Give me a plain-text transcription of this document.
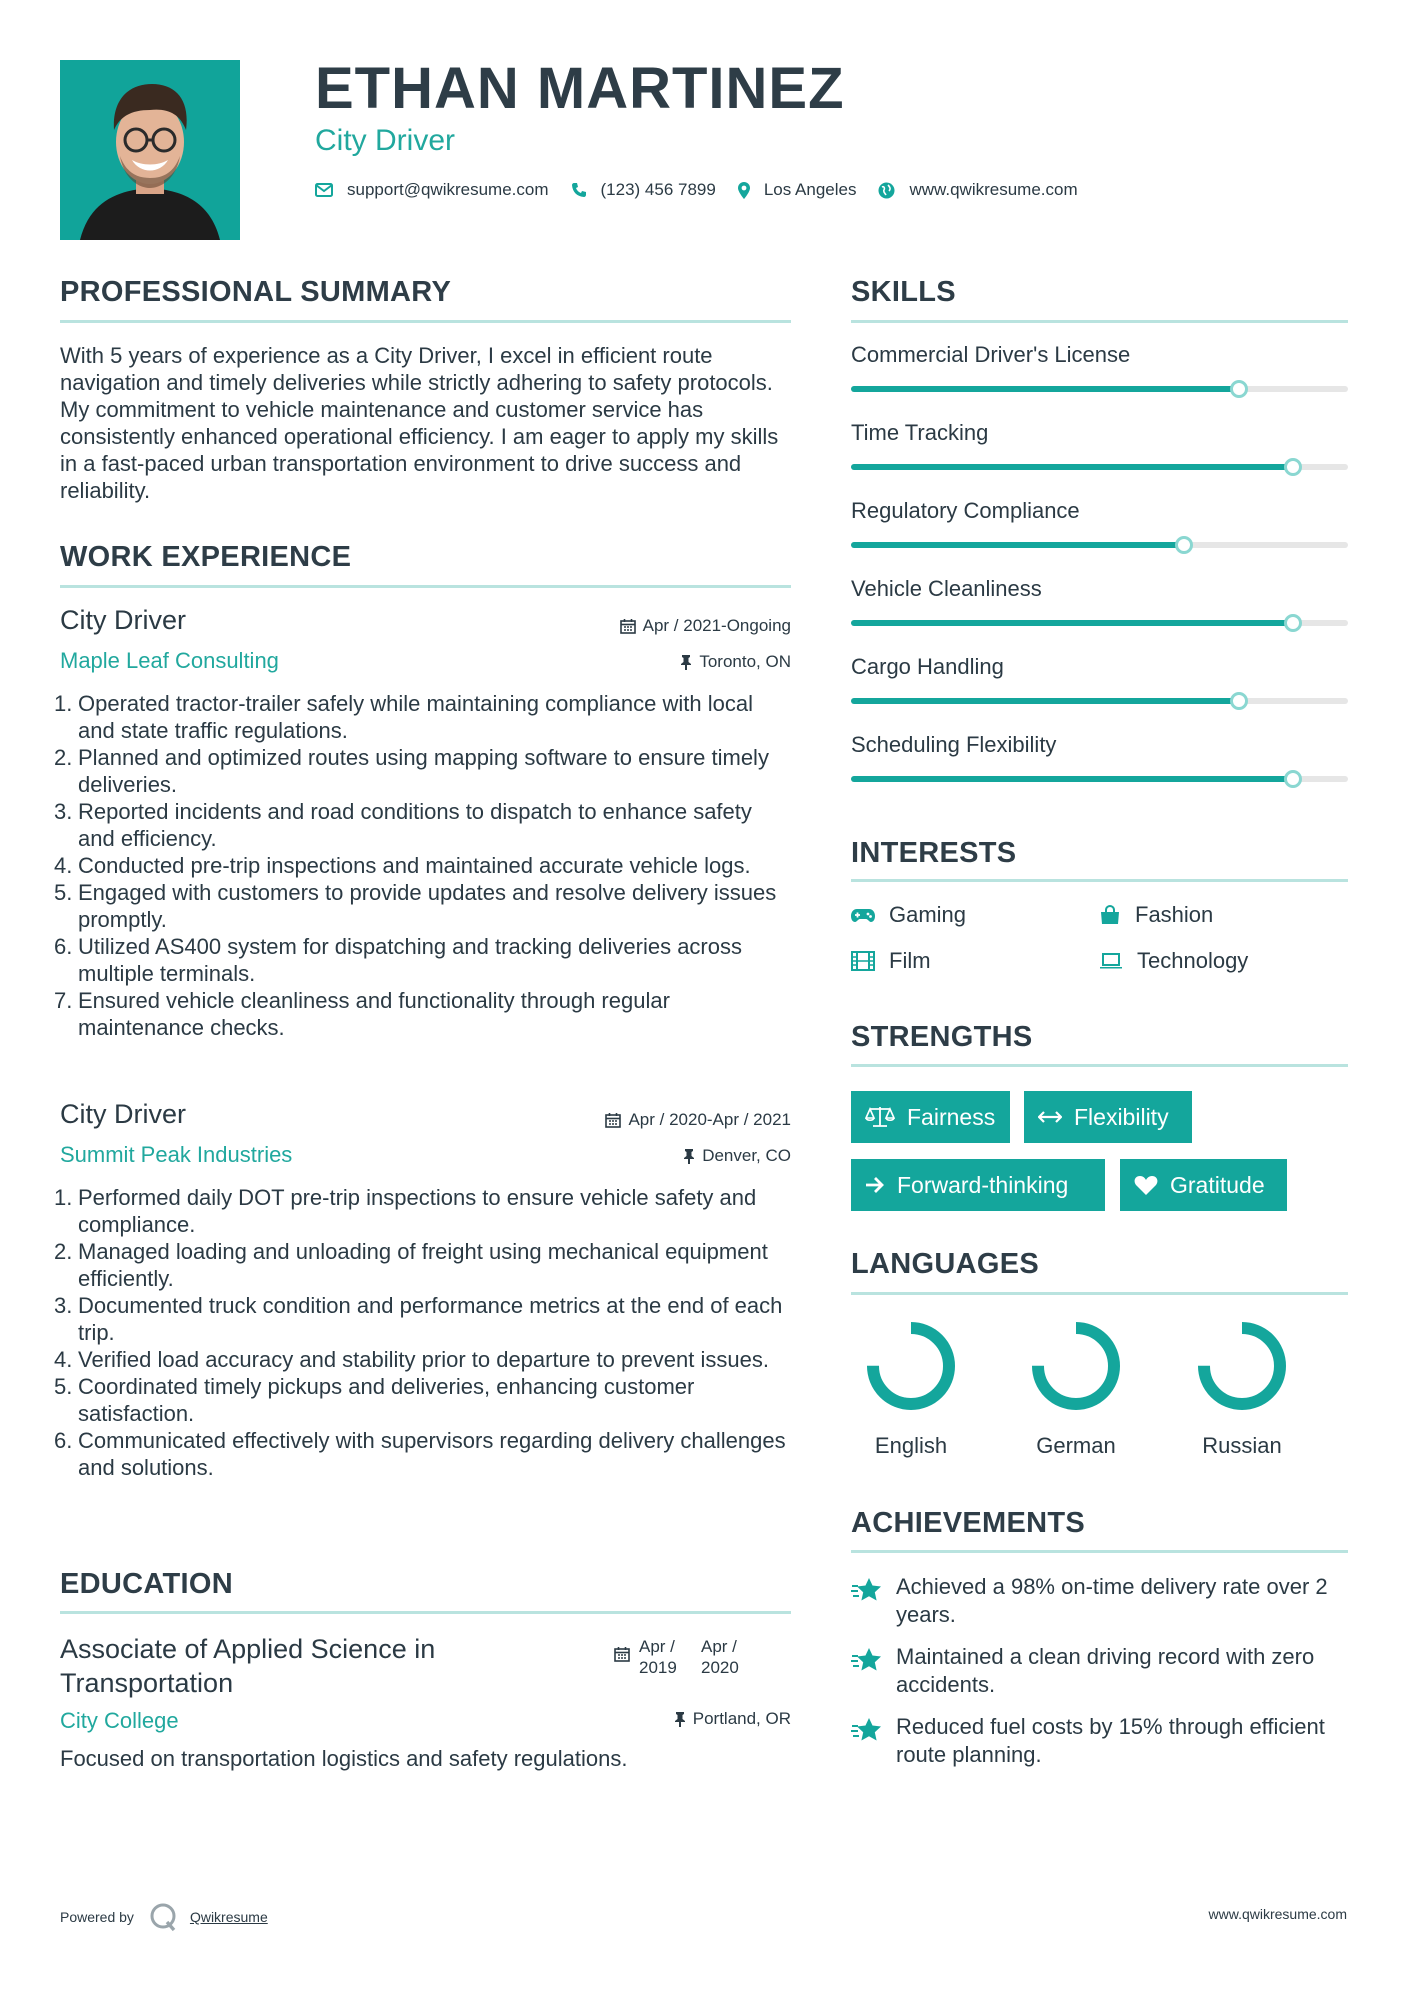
ETHAN MARTINEZ
City Driver
support@qwikresume.com	(123) 456 7899	Los Angeles	www.qwikresume.com
PROFESSIONAL SUMMARY
With 5 years of experience as a City Driver, I excel in efficient route navigation and timely deliveries while strictly adhering to safety protocols. My commitment to vehicle maintenance and customer service has consistently enhanced operational efficiency. I am eager to apply my skills in a fast-paced urban transportation environment to drive success and reliability.
WORK EXPERIENCE
City Driver	Apr / 2021-Ongoing
Maple Leaf Consulting	Toronto, ON
1. Operated tractor-trailer safely while maintaining compliance with local and state traffic regulations.
2. Planned and optimized routes using mapping software to ensure timely deliveries.
3. Reported incidents and road conditions to dispatch to enhance safety and efficiency.
4. Conducted pre-trip inspections and maintained accurate vehicle logs.
5. Engaged with customers to provide updates and resolve delivery issues promptly.
6. Utilized AS400 system for dispatching and tracking deliveries across multiple terminals.
7. Ensured vehicle cleanliness and functionality through regular maintenance checks.
City Driver	Apr / 2020-Apr / 2021
Summit Peak Industries	Denver, CO
1. Performed daily DOT pre-trip inspections to ensure vehicle safety and compliance.
2. Managed loading and unloading of freight using mechanical equipment efficiently.
3. Documented truck condition and performance metrics at the end of each trip.
4. Verified load accuracy and stability prior to departure to prevent issues.
5. Coordinated timely pickups and deliveries, enhancing customer satisfaction.
6. Communicated effectively with supervisors regarding delivery challenges and solutions.
EDUCATION
Associate of Applied Science in Transportation
Apr / 2019
Apr / 2020
City College	Portland, OR
Focused on transportation logistics and safety regulations.
SKILLS
Commercial Driver's License
Time Tracking
Regulatory Compliance
Vehicle Cleanliness
Cargo Handling
Scheduling Flexibility
INTERESTS
Gaming	Fashion
Film	Technology
STRENGTHS
Fairness	Flexibility
Forward-thinking	Gratitude
LANGUAGES
English	German	Russian
ACHIEVEMENTS
Achieved a 98% on-time delivery rate over 2 years.
Maintained a clean driving record with zero accidents.
Reduced fuel costs by 15% through efficient route planning.
Powered by	Qwikresume	www.qwikresume.com
